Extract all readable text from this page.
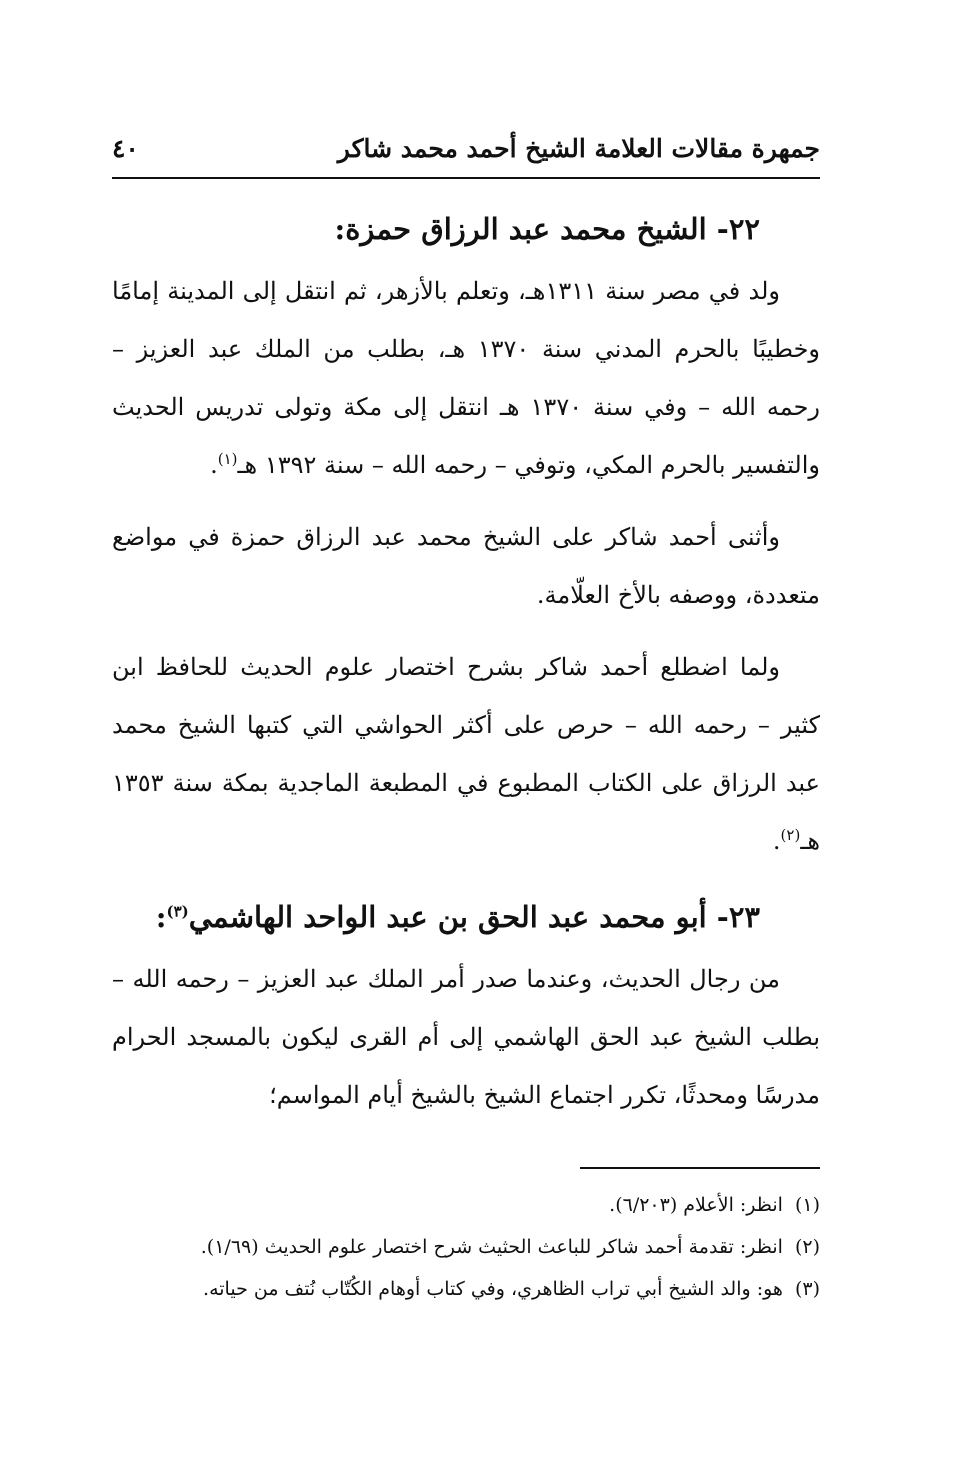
جمهرة مقالات العلامة الشيخ أحمد محمد شاكر
٤٠
٢٢- الشيخ محمد عبد الرزاق حمزة:

ولد في مصر سنة ١٣١١هـ، وتعلم بالأزهر، ثم انتقل إلى المدينة إمامًا وخطيبًا بالحرم المدني سنة ١٣٧٠ هـ، بطلب من الملك عبد العزيز – رحمه الله – وفي سنة ١٣٧٠ هـ انتقل إلى مكة وتولى تدريس الحديث والتفسير بالحرم المكي، وتوفي – رحمه الله – سنة ١٣٩٢ هـ$^{(١)}$.

وأثنى أحمد شاكر على الشيخ محمد عبد الرزاق حمزة في مواضع متعددة، ووصفه بالأخ العلّامة.

ولما اضطلع أحمد شاكر بشرح اختصار علوم الحديث للحافظ ابن كثير – رحمه الله – حرص على أكثر الحواشي التي كتبها الشيخ محمد عبد الرزاق على الكتاب المطبوع في المطبعة الماجدية بمكة سنة ١٣٥٣ هـ$^{(٢)}$.

٢٣- أبو محمد عبد الحق بن عبد الواحد الهاشمي$^{(٣)}$:

من رجال الحديث، وعندما صدر أمر الملك عبد العزيز – رحمه الله – بطلب الشيخ عبد الحق الهاشمي إلى أم القرى ليكون بالمسجد الحرام مدرسًا ومحدثًا، تكرر اجتماع الشيخ بالشيخ أيام المواسم؛

(١)انظر: الأعلام (٦/٢٠٣).
(٢)انظر: تقدمة أحمد شاكر للباعث الحثيث شرح اختصار علوم الحديث (١/٦٩).
(٣)هو: والد الشيخ أبي تراب الظاهري، وفي كتاب أوهام الكُتّاب نُتف من حياته.
